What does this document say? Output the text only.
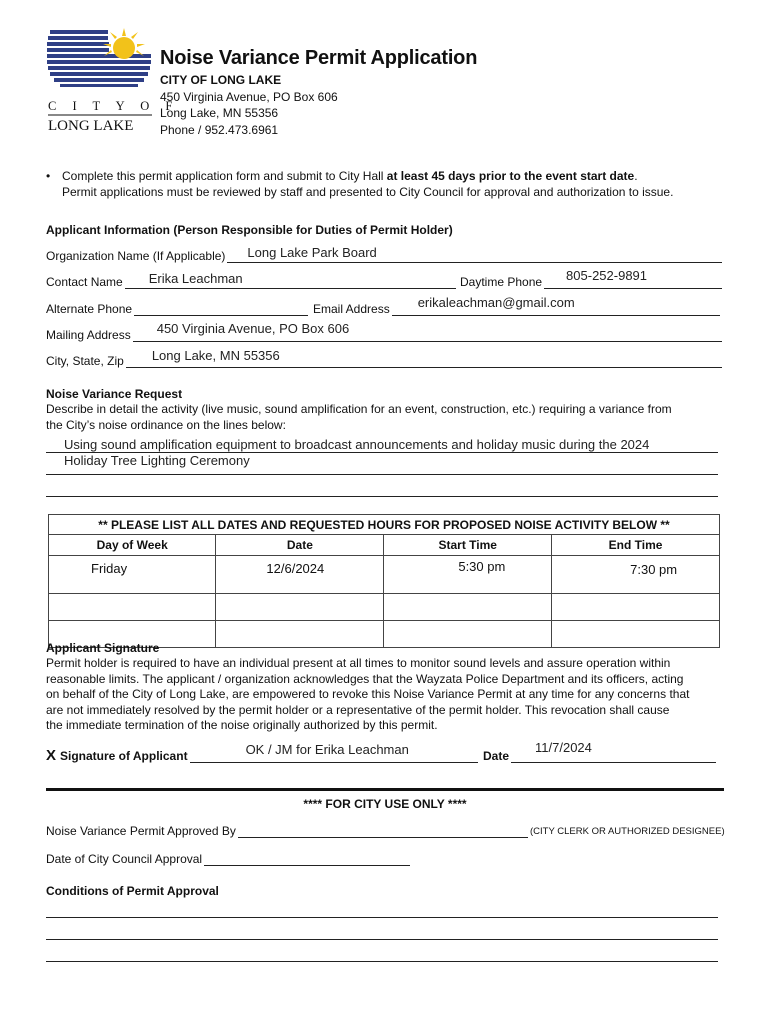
C I T Y O F
LONG LAKE
Noise Variance Permit Application
CITY OF LONG LAKE
450 Virginia Avenue, PO Box 606
Long Lake, MN 55356
Phone / 952.473.6961
• Complete this permit application form and submit to City Hall at least 45 days prior to the event start date.
Permit applications must be reviewed by staff and presented to City Council for approval and authorization to issue.
Applicant Information (Person Responsible for Duties of Permit Holder)
Organization Name (If Applicable) Long Lake Park Board
Contact Name Erika Leachman	Daytime Phone 805-252-9891
Alternate Phone	Email Address erikaleachman@gmail.com
Mailing Address 450 Virginia Avenue, PO Box 606
City, State, Zip Long Lake, MN 55356
Noise Variance Request
Describe in detail the activity (live music, sound amplification for an event, construction, etc.) requiring a variance from
the City’s noise ordinance on the lines below:
Using sound amplification equipment to broadcast announcements and holiday music during the 2024
Holiday Tree Lighting Ceremony
** PLEASE LIST ALL DATES AND REQUESTED HOURS FOR PROPOSED NOISE ACTIVITY BELOW **			
Day of Week	Date	Start Time	End Time
Friday	12/6/2024	5:30 pm	7:30 pm

Applicant Signature
Permit holder is required to have an individual present at all times to monitor sound levels and assure operation within
reasonable limits. The applicant / organization acknowledges that the Wayzata Police Department and its officers, acting
on behalf of the City of Long Lake, are empowered to revoke this Noise Variance Permit at any time for any concerns that
are not immediately resolved by the permit holder or a representative of the permit holder. This revocation shall cause
the immediate termination of the noise originally authorized by this permit.
X Signature of Applicant	OK / JM for Erika Leachman	Date
11/7/2024
**** FOR CITY USE ONLY ****
Noise Variance Permit Approved By	(CITY CLERK OR AUTHORIZED DESIGNEE)
Date of City Council Approval
Conditions of Permit Approval
